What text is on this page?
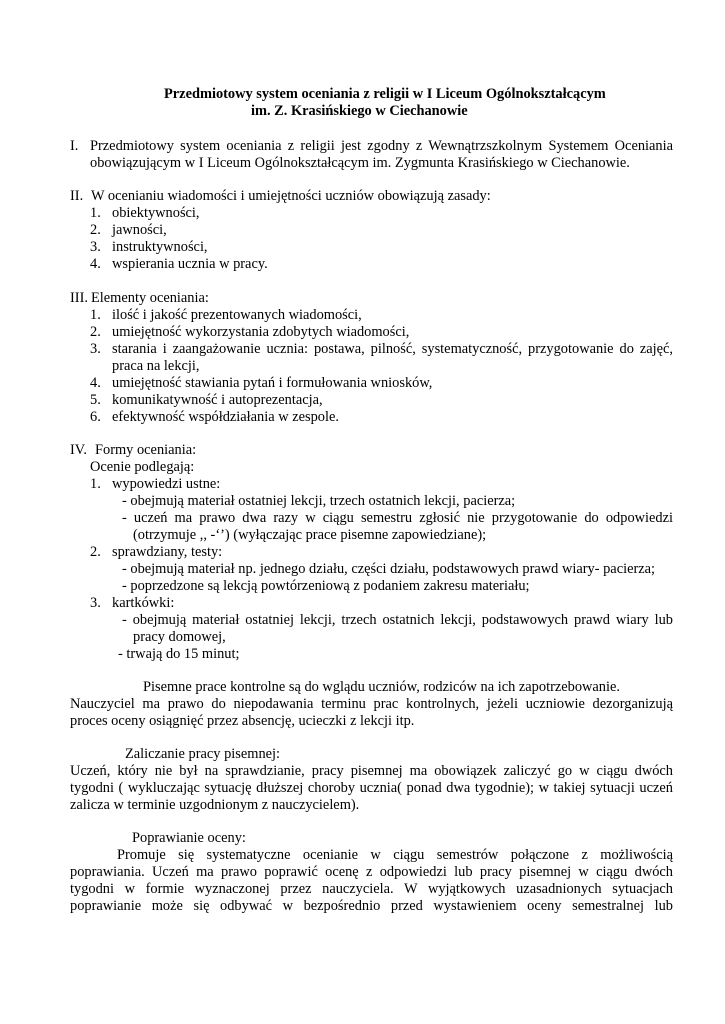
Przedmiotowy system oceniania z religii w I Liceum Ogólnokształcącym
im. Z. Krasińskiego w Ciechanowie
I. Przedmiotowy system oceniania z religii jest zgodny z Wewnątrzszkolnym Systemem Oceniania
obowiązującym w I Liceum Ogólnokształcącym im. Zygmunta Krasińskiego w Ciechanowie.
II. W ocenianiu wiadomości i umiejętności uczniów obowiązują zasady:
1. obiektywności,
2. jawności,
3. instruktywności,
4. wspierania ucznia w pracy.
III. Elementy oceniania:
1. ilość i jakość prezentowanych wiadomości,
2. umiejętność wykorzystania zdobytych wiadomości,
3. starania i zaangażowanie ucznia: postawa, pilność, systematyczność, przygotowanie do zajęć,
praca na lekcji,
4. umiejętność stawiania pytań i formułowania wniosków,
5. komunikatywność i autoprezentacja,
6. efektywność współdziałania w zespole.
IV. Formy oceniania:
Ocenie podlegają:
1. wypowiedzi ustne:
- obejmują materiał ostatniej lekcji, trzech ostatnich lekcji, pacierza;
- uczeń ma prawo dwa razy w ciągu semestru zgłosić nie przygotowanie do odpowiedzi
(otrzymuje ,, -‘’) (wyłączając prace pisemne zapowiedziane);
2. sprawdziany, testy:
- obejmują materiał np. jednego działu, części działu, podstawowych prawd wiary- pacierza;
- poprzedzone są lekcją powtórzeniową z podaniem zakresu materiału;
3. kartkówki:
- obejmują materiał ostatniej lekcji, trzech ostatnich lekcji, podstawowych prawd wiary lub
pracy domowej,
- trwają do 15 minut;
Pisemne prace kontrolne są do wglądu uczniów, rodziców na ich zapotrzebowanie.
Nauczyciel ma prawo do niepodawania terminu prac kontrolnych, jeżeli uczniowie dezorganizują
proces oceny osiągnięć przez absencję, ucieczki z lekcji itp.
Zaliczanie pracy pisemnej:
Uczeń, który nie był na sprawdzianie, pracy pisemnej ma obowiązek zaliczyć go w ciągu dwóch
tygodni ( wykluczając sytuację dłuższej choroby ucznia( ponad dwa tygodnie); w takiej sytuacji uczeń
zalicza w terminie uzgodnionym z nauczycielem).
Poprawianie oceny:
Promuje się systematyczne ocenianie w ciągu semestrów połączone z możliwością
poprawiania. Uczeń ma prawo poprawić ocenę z odpowiedzi lub pracy pisemnej w ciągu dwóch
tygodni w formie wyznaczonej przez nauczyciela. W wyjątkowych uzasadnionych sytuacjach
poprawianie może się odbywać w bezpośrednio przed wystawieniem oceny semestralnej lub
